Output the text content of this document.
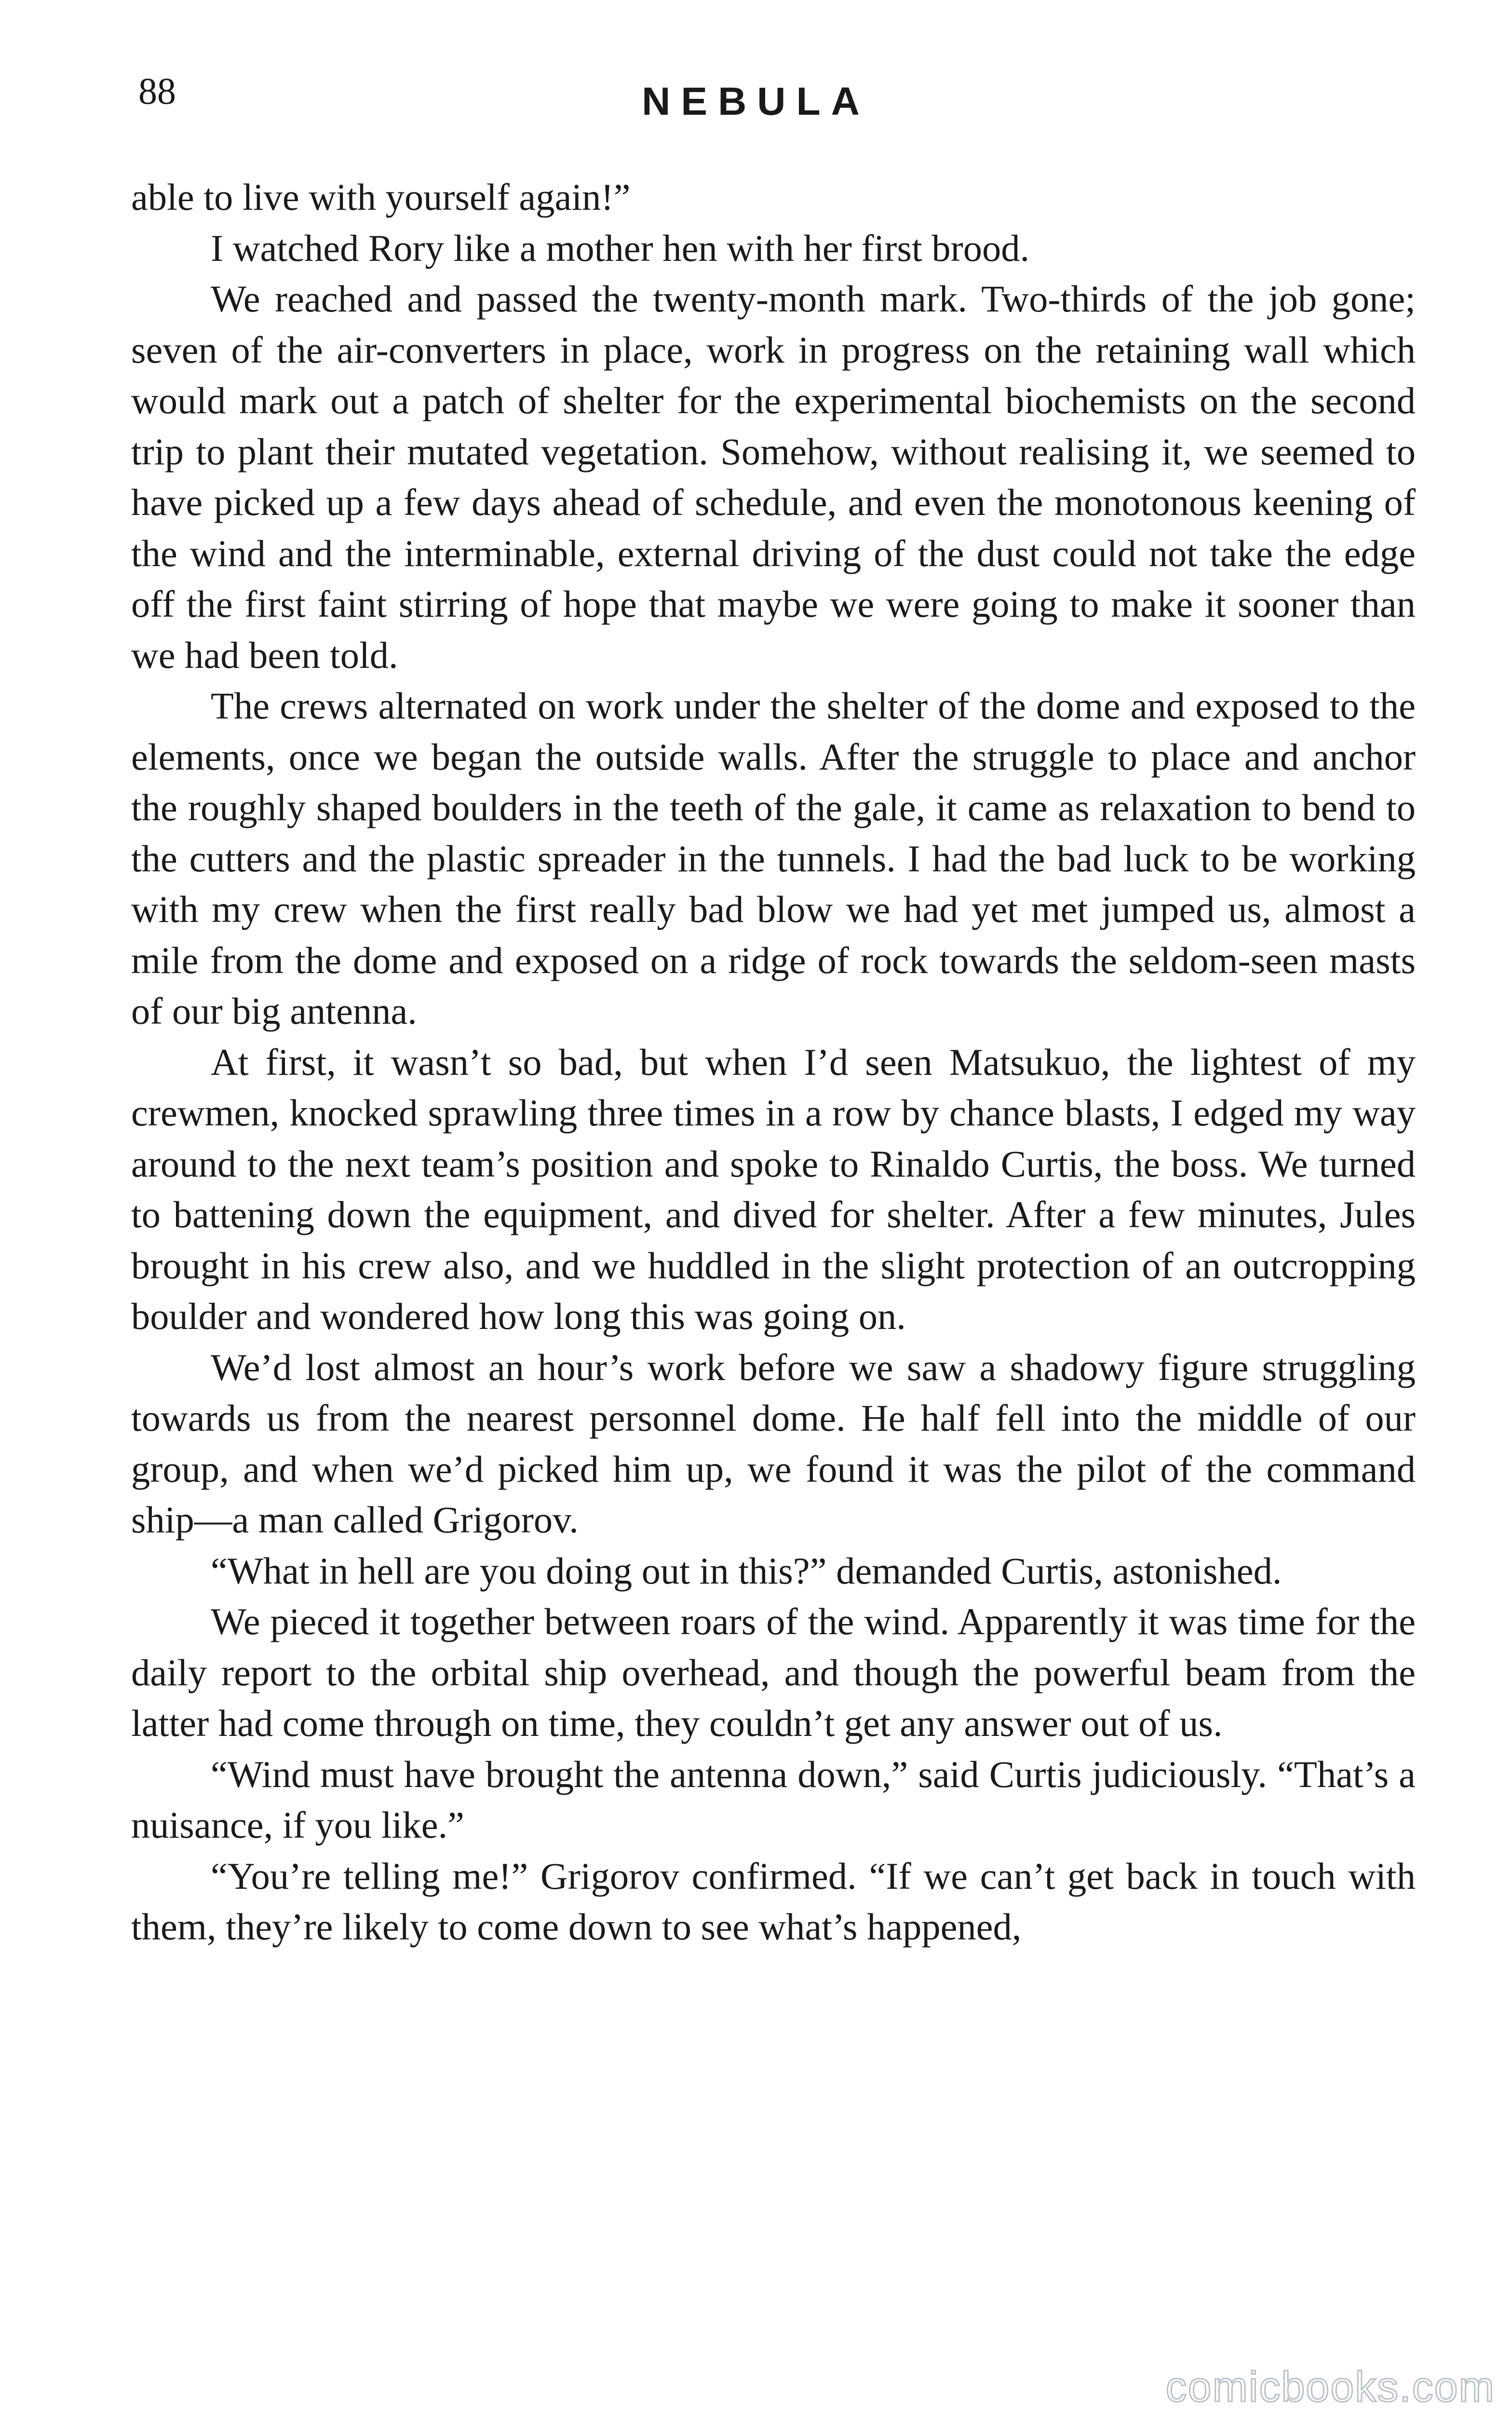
88	NEBULA

able to live with yourself again!”

I watched Rory like a mother hen with her first brood.

We reached and passed the twenty-month mark. Two-thirds of the job gone; seven of the air-converters in place, work in progress on the retaining wall which would mark out a patch of shelter for the experimental biochemists on the second trip to plant their mutated vegetation. Somehow, without realising it, we seemed to have picked up a few days ahead of schedule, and even the monotonous keening of the wind and the interminable, external driving of the dust could not take the edge off the first faint stirring of hope that maybe we were going to make it sooner than we had been told.

The crews alternated on work under the shelter of the dome and exposed to the elements, once we began the outside walls. After the struggle to place and anchor the roughly shaped boulders in the teeth of the gale, it came as relaxation to bend to the cutters and the plastic spreader in the tunnels. I had the bad luck to be working with my crew when the first really bad blow we had yet met jumped us, almost a mile from the dome and exposed on a ridge of rock towards the seldom-seen masts of our big antenna.

At first, it wasn’t so bad, but when I’d seen Matsukuo, the lightest of my crewmen, knocked sprawling three times in a row by chance blasts, I edged my way around to the next team’s position and spoke to Rinaldo Curtis, the boss. We turned to battening down the equipment, and dived for shelter. After a few minutes, Jules brought in his crew also, and we huddled in the slight protection of an outcropping boulder and wondered how long this was going on.

We’d lost almost an hour’s work before we saw a shadowy figure struggling towards us from the nearest personnel dome. He half fell into the middle of our group, and when we’d picked him up, we found it was the pilot of the command ship—a man called Grigorov.

“What in hell are you doing out in this?” demanded Curtis, astonished.

We pieced it together between roars of the wind. Apparently it was time for the daily report to the orbital ship overhead, and though the powerful beam from the latter had come through on time, they couldn’t get any answer out of us.

“Wind must have brought the antenna down,” said Curtis judiciously. “That’s a nuisance, if you like.”

“You’re telling me!” Grigorov confirmed. “If we can’t get back in touch with them, they’re likely to come down to see what’s happened,

comicbooks.com
